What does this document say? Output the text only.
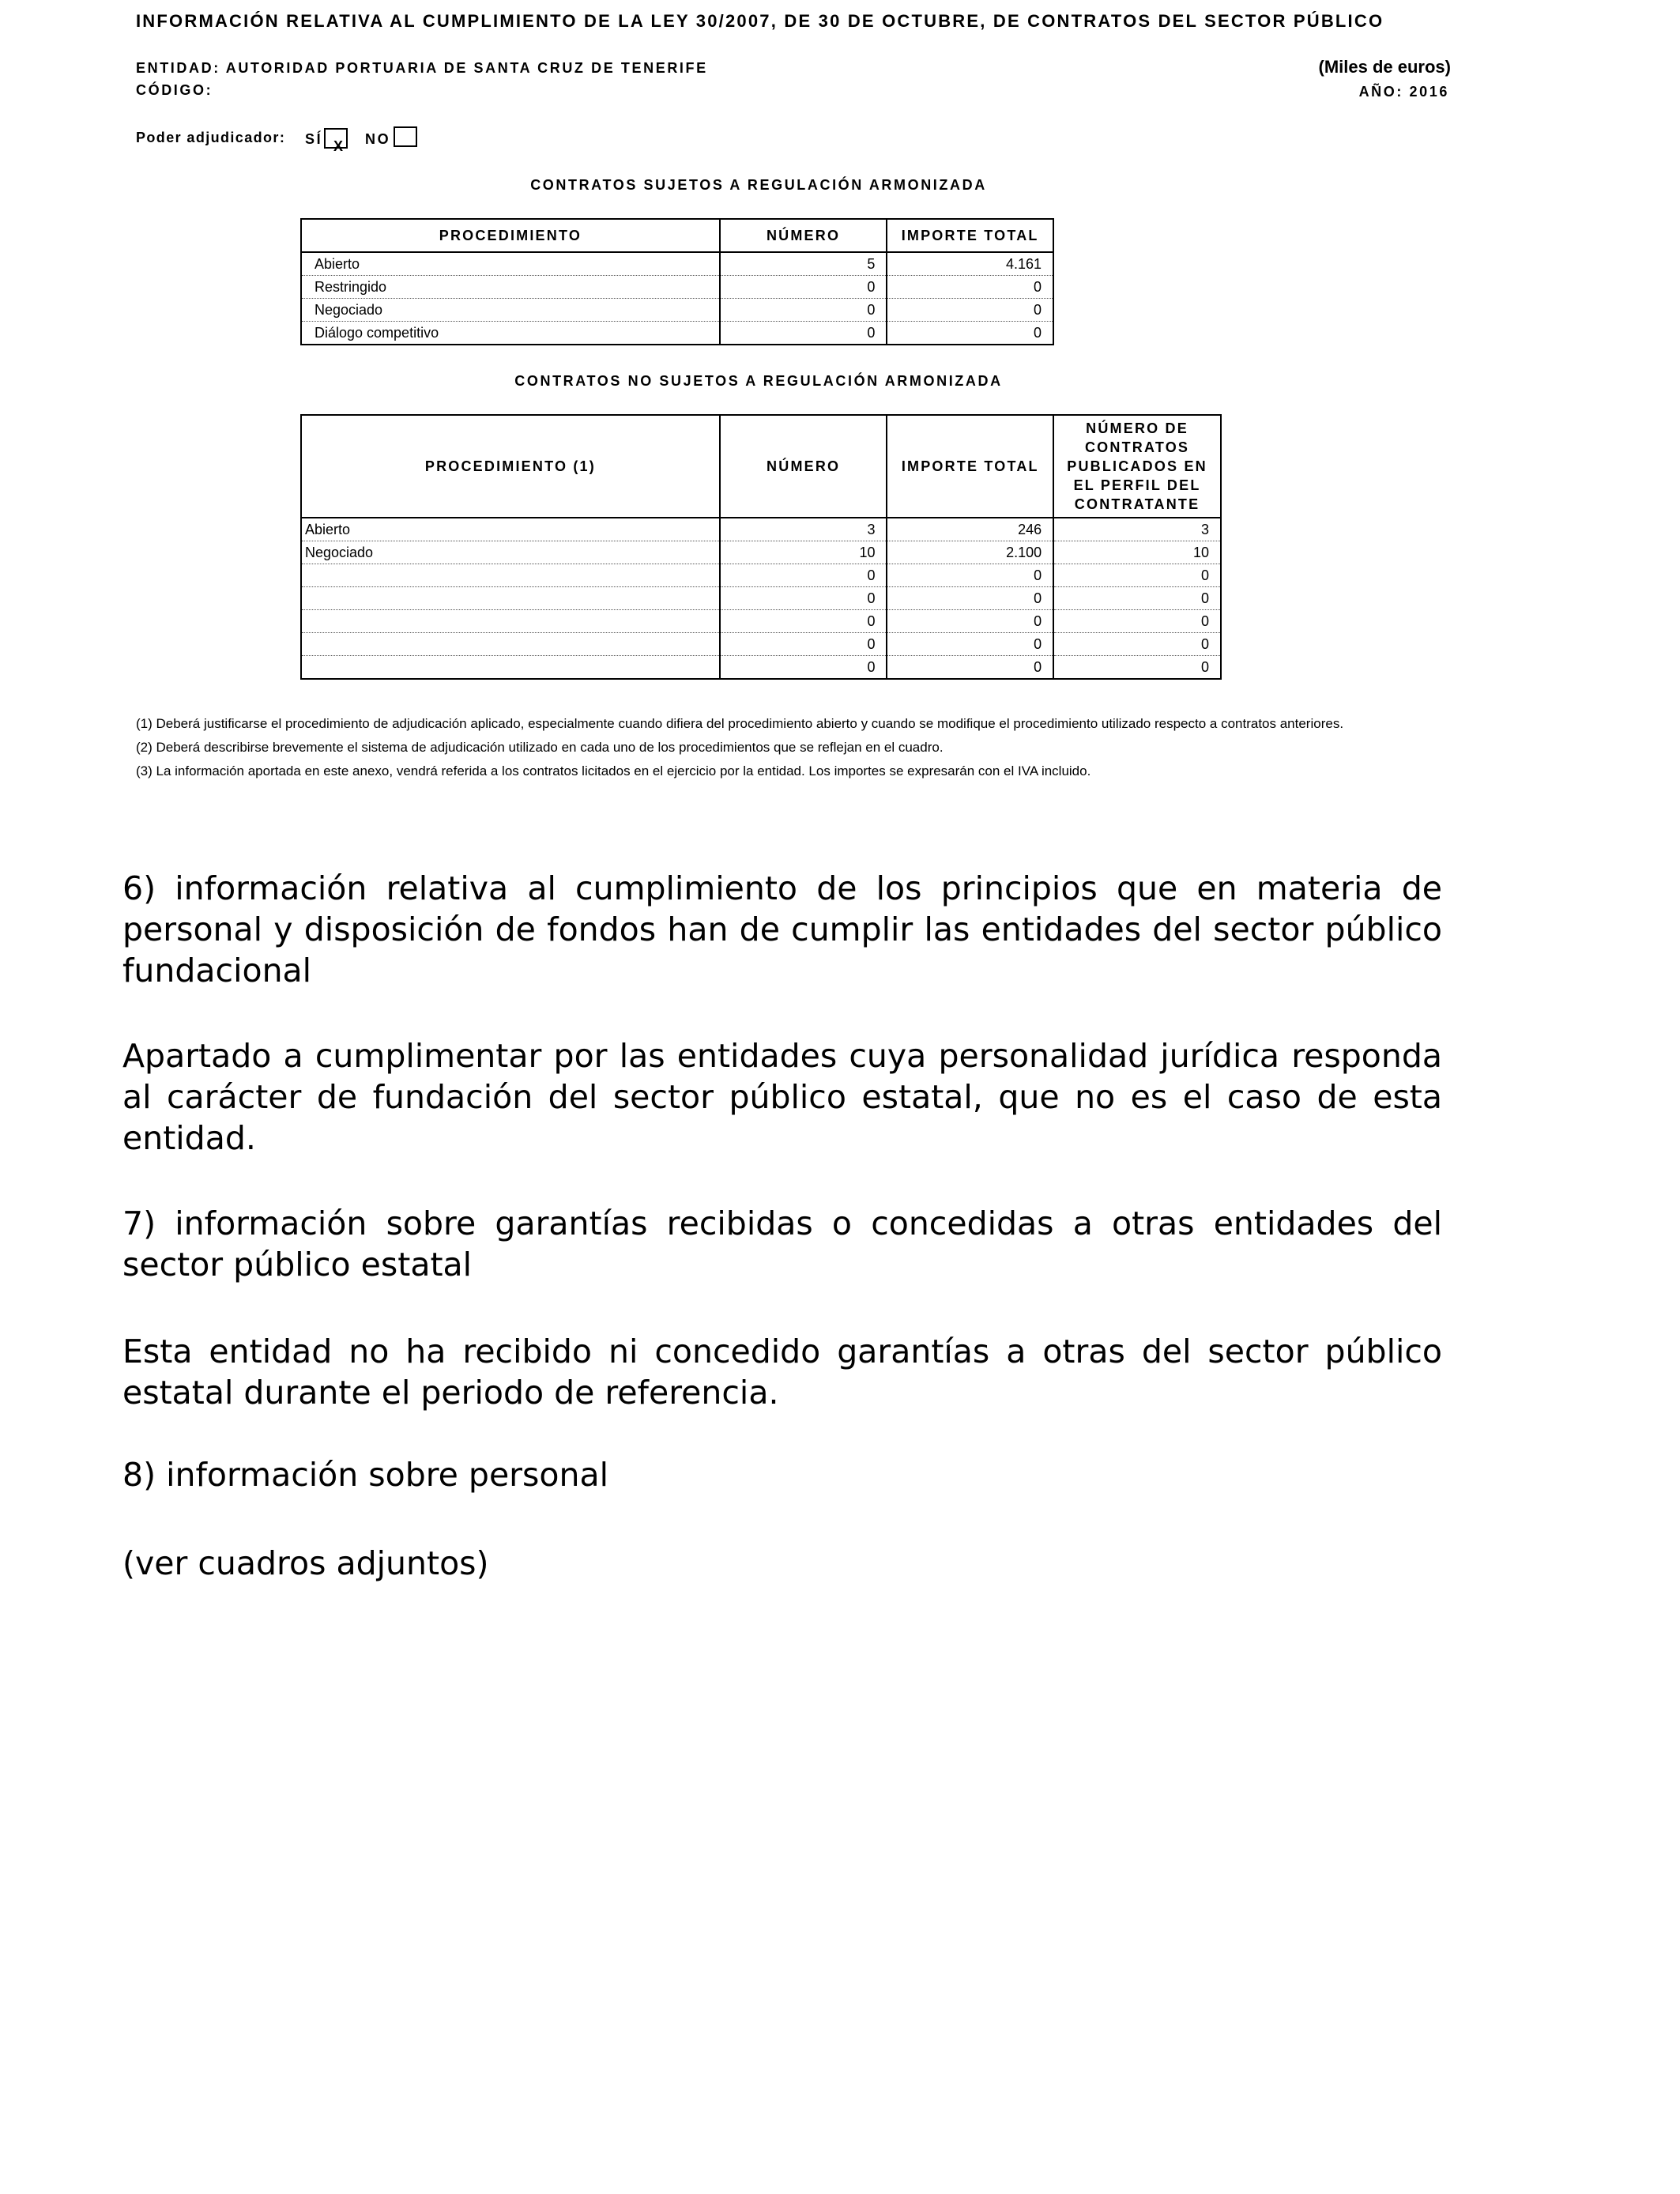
INFORMACIÓN RELATIVA AL CUMPLIMIENTO DE LA LEY 30/2007, DE 30 DE OCTUBRE, DE CONTRATOS DEL SECTOR PÚBLICO
ENTIDAD: AUTORIDAD PORTUARIA DE SANTA CRUZ DE TENERIFE
CÓDIGO:
(Miles de euros)
AÑO: 2016
Poder adjudicador: SÍ X NO
CONTRATOS SUJETOS A REGULACIÓN ARMONIZADA
PROCEDIMIENTO	NÚMERO	IMPORTE TOTAL
Abierto	5	4.161
Restringido	0	0
Negociado	0	0
Diálogo competitivo	0	0
CONTRATOS NO SUJETOS A REGULACIÓN ARMONIZADA
PROCEDIMIENTO (1)	NÚMERO	IMPORTE TOTAL	NÚMERO DE CONTRATOS PUBLICADOS EN EL PERFIL DEL CONTRATANTE
Abierto	3	246	3
Negociado	10	2.100	10
	0	0	0
	0	0	0
	0	0	0
	0	0	0
	0	0	0
(1) Deberá justificarse el procedimiento de adjudicación aplicado, especialmente cuando difiera del procedimiento abierto y cuando se modifique el procedimiento utilizado respecto a contratos anteriores.
(2) Deberá describirse brevemente el sistema de adjudicación utilizado en cada uno de los procedimientos que se reflejan en el cuadro.
(3) La información aportada en este anexo, vendrá referida a los contratos licitados en el ejercicio por la entidad. Los importes se expresarán con el IVA incluido.
6) información relativa al cumplimiento de los principios que en materia de personal y disposición de fondos han de cumplir las entidades del sector público fundacional
Apartado a cumplimentar por las entidades cuya personalidad jurídica responda al carácter de fundación del sector público estatal, que no es el caso de esta entidad.
7) información sobre garantías recibidas o concedidas a otras entidades del sector público estatal
Esta entidad no ha recibido ni concedido garantías a otras del sector público estatal durante el periodo de referencia.
8) información sobre personal
(ver cuadros adjuntos)
